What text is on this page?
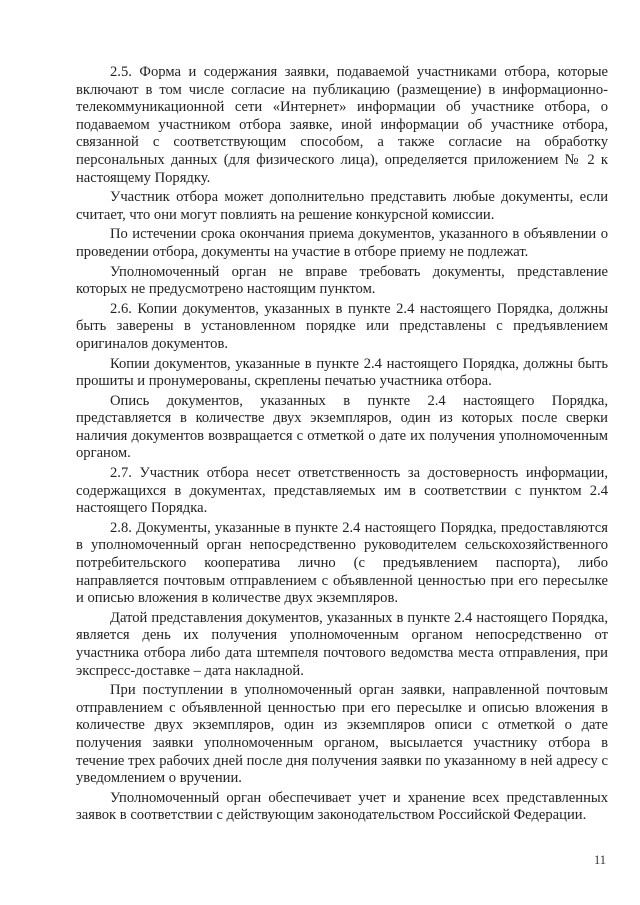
2.5. Форма и содержания заявки, подаваемой участниками отбора, которые включают в том числе согласие на публикацию (размещение) в информационно-телекоммуникационной сети «Интернет» информации об участнике отбора, о подаваемом участником отбора заявке, иной информации об участнике отбора, связанной с соответствующим способом, а также согласие на обработку персональных данных (для физического лица), определяется приложением № 2 к настоящему Порядку.

Участник отбора может дополнительно представить любые документы, если считает, что они могут повлиять на решение конкурсной комиссии.

По истечении срока окончания приема документов, указанного в объявлении о проведении отбора, документы на участие в отборе приему не подлежат.

Уполномоченный орган не вправе требовать документы, представление которых не предусмотрено настоящим пунктом.

2.6. Копии документов, указанных в пункте 2.4 настоящего Порядка, должны быть заверены в установленном порядке или представлены с предъявлением оригиналов документов.

Копии документов, указанные в пункте 2.4 настоящего Порядка, должны быть прошиты и пронумерованы, скреплены печатью участника отбора.

Опись документов, указанных в пункте 2.4 настоящего Порядка, представляется в количестве двух экземпляров, один из которых после сверки наличия документов возвращается с отметкой о дате их получения уполномоченным органом.

2.7. Участник отбора несет ответственность за достоверность информации, содержащихся в документах, представляемых им в соответствии с пунктом 2.4 настоящего Порядка.

2.8. Документы, указанные в пункте 2.4 настоящего Порядка, предоставляются в уполномоченный орган непосредственно руководителем сельскохозяйственного потребительского кооператива лично (с предъявлением паспорта), либо направляется почтовым отправлением с объявленной ценностью при его пересылке и описью вложения в количестве двух экземпляров.

Датой представления документов, указанных в пункте 2.4 настоящего Порядка, является день их получения уполномоченным органом непосредственно от участника отбора либо дата штемпеля почтового ведомства места отправления, при экспресс-доставке – дата накладной.

При поступлении в уполномоченный орган заявки, направленной почтовым отправлением с объявленной ценностью при его пересылке и описью вложения в количестве двух экземпляров, один из экземпляров описи с отметкой о дате получения заявки уполномоченным органом, высылается участнику отбора в течение трех рабочих дней после дня получения заявки по указанному в ней адресу с уведомлением о вручении.

Уполномоченный орган обеспечивает учет и хранение всех представленных заявок в соответствии с действующим законодательством Российской Федерации.

11
